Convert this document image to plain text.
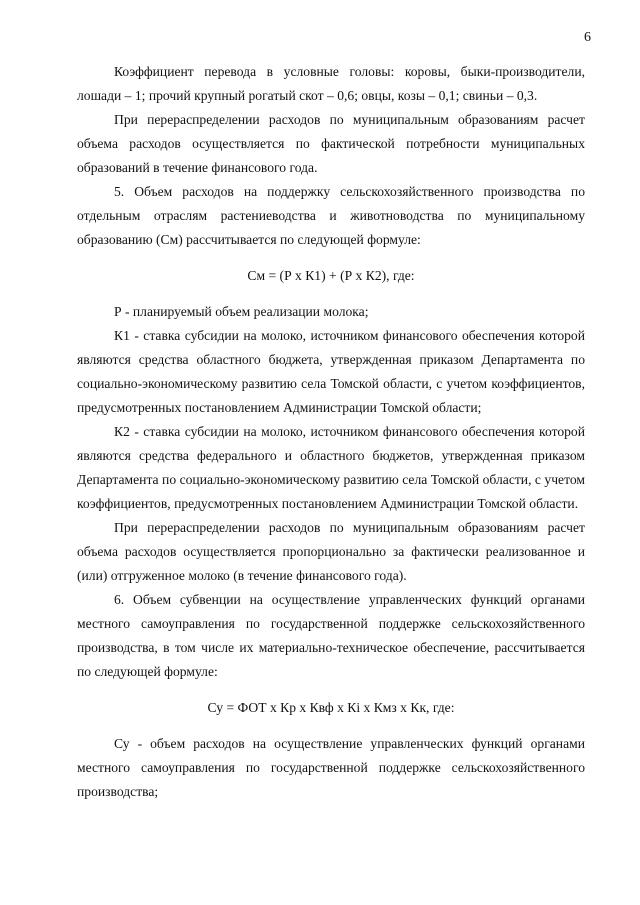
6

Коэффициент перевода в условные головы: коровы, быки-производители, лошади – 1; прочий крупный рогатый скот – 0,6; овцы, козы – 0,1; свиньи – 0,3.

При перераспределении расходов по муниципальным образованиям расчет объема расходов осуществляется по фактической потребности муниципальных образований в течение финансового года.

5. Объем расходов на поддержку сельскохозяйственного производства по отдельным отраслям растениеводства и животноводства по муниципальному образованию (См) рассчитывается по следующей формуле:

См = (Р х К1) + (Р х К2), где:

Р - планируемый объем реализации молока;

К1 - ставка субсидии на молоко, источником финансового обеспечения которой являются средства областного бюджета, утвержденная приказом Департамента по социально-экономическому развитию села Томской области, с учетом коэффициентов, предусмотренных постановлением Администрации Томской области;

К2 - ставка субсидии на молоко, источником финансового обеспечения которой являются средства федерального и областного бюджетов, утвержденная приказом Департамента по социально-экономическому развитию села Томской области, с учетом коэффициентов, предусмотренных постановлением Администрации Томской области.

При перераспределении расходов по муниципальным образованиям расчет объема расходов осуществляется пропорционально за фактически реализованное и (или) отгруженное молоко (в течение финансового года).

6. Объем субвенции на осуществление управленческих функций органами местного самоуправления по государственной поддержке сельскохозяйственного производства, в том числе их материально-техническое обеспечение, рассчитывается по следующей формуле:

Су = ФОТ х Кр х Квф х Кi х Кмз х Кк, где:

Су - объем расходов на осуществление управленческих функций органами местного самоуправления по государственной поддержке сельскохозяйственного производства;
